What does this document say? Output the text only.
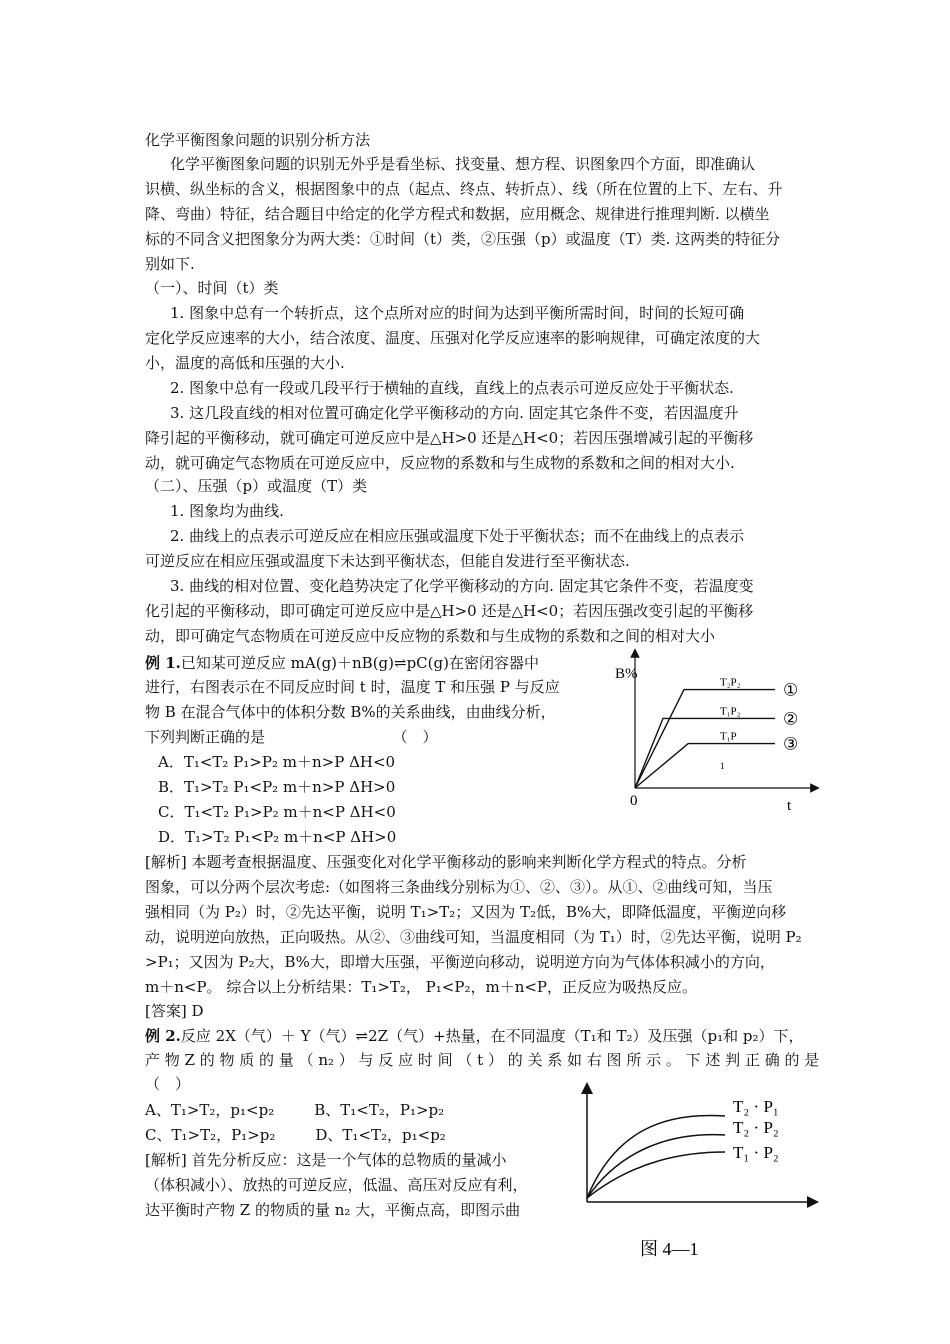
化学平衡图象问题的识别分析方法
化学平衡图象问题的识别无外乎是看坐标、找变量、想方程、识图象四个方面，即准确认
识横、纵坐标的含义，根据图象中的点（起点、终点、转折点）、线（所在位置的上下、左右、升
降、弯曲）特征，结合题目中给定的化学方程式和数据，应用概念、规律进行推理判断. 以横坐
标的不同含义把图象分为两大类：①时间（t）类，②压强（p）或温度（T）类. 这两类的特征分
别如下.
（一）、时间（t）类
1. 图象中总有一个转折点，这个点所对应的时间为达到平衡所需时间，时间的长短可确
定化学反应速率的大小，结合浓度、温度、压强对化学反应速率的影响规律，可确定浓度的大
小，温度的高低和压强的大小.
2. 图象中总有一段或几段平行于横轴的直线，直线上的点表示可逆反应处于平衡状态.
3. 这几段直线的相对位置可确定化学平衡移动的方向. 固定其它条件不变，若因温度升
降引起的平衡移动，就可确定可逆反应中是△H>0 还是△H<0；若因压强增减引起的平衡移
动，就可确定气态物质在可逆反应中，反应物的系数和与生成物的系数和之间的相对大小.
（二）、压强（p）或温度（T）类
1. 图象均为曲线.
2. 曲线上的点表示可逆反应在相应压强或温度下处于平衡状态；而不在曲线上的点表示
可逆反应在相应压强或温度下未达到平衡状态，但能自发进行至平衡状态.
3. 曲线的相对位置、变化趋势决定了化学平衡移动的方向. 固定其它条件不变，若温度变
化引起的平衡移动，即可确定可逆反应中是△H>0 还是△H<0；若因压强改变引起的平衡移
动，即可确定气态物质在可逆反应中反应物的系数和与生成物的系数和之间的相对大小
例 1.已知某可逆反应 mA(g)＋nB(g)⇌pC(g)在密闭容器中
进行，右图表示在不同反应时间 t 时，温度 T 和压强 P 与反应
物 B 在混合气体中的体积分数 B%的关系曲线，由曲线分析，
下列判断正确的是　　　　　　　　　（　）
A．T₁<T₂ P₁>P₂ m＋n>P ΔH<0
B．T₁>T₂ P₁<P₂ m＋n>P ΔH>0
C．T₁<T₂ P₁>P₂ m＋n<P ΔH<0
D．T₁>T₂ P₁<P₂ m＋n<P ΔH>0
B%
t
0
T₂P₂ ①
T₁P₂ ②
T₁P	③
1
[解析] 本题考查根据温度、压强变化对化学平衡移动的影响来判断化学方程式的特点。分析
图象，可以分两个层次考虑:（如图将三条曲线分别标为①、②、③）。从①、②曲线可知，当压
强相同（为 P₂）时，②先达平衡，说明 T₁>T₂；又因为 T₂低，B%大，即降低温度，平衡逆向移
动，说明逆向放热，正向吸热。从②、③曲线可知，当温度相同（为 T₁）时，②先达平衡，说明 P₂
>P₁；又因为 P₂大，B%大，即增大压强，平衡逆向移动，说明逆方向为气体体积减小的方向，
m＋n<P。 综合以上分析结果：T₁>T₂， P₁<P₂，m＋n<P，正反应为吸热反应。
[答案] D
例 2.反应 2X（气）＋ Y（气）⇌2Z（气）+热量，在不同温度（T₁和 T₂）及压强（p₁和 p₂）下，
产 物 Z 的 物 质 的 量 （ n₂ ） 与 反 应 时 间 （ t ） 的 关 系 如 右 图 所 示 。 下 述 判 正 确 的 是
（　）
A、T₁>T₂，p₁<p₂	B、T₁<T₂，P₁>p₂
C、T₁>T₂，P₁>p₂	D、T₁<T₂，p₁<p₂
[解析] 首先分析反应：这是一个气体的总物质的量减小
（体积减小）、放热的可逆反应，低温、高压对反应有利，
达平衡时产物 Z 的物质的量 n₂ 大，平衡点高，即图示曲
T₂ · P₁
T₂ · P₂
T₁ · P₂
图 4—1
